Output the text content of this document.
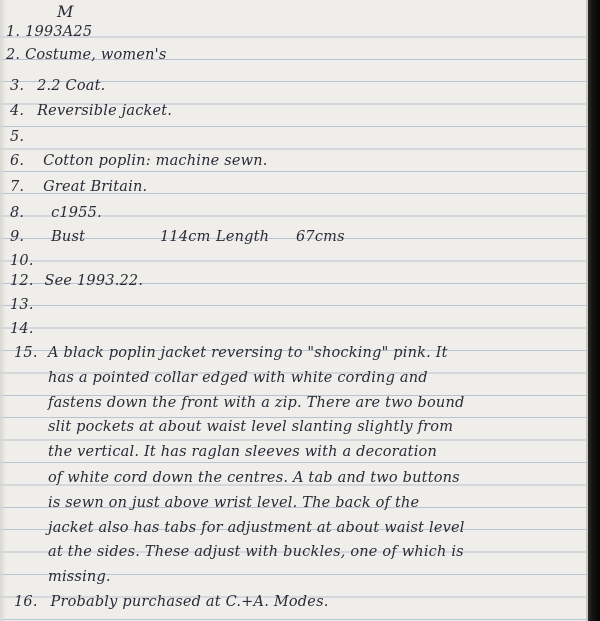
M
1. 1993A25
2. Costume, women's
3. 2.2 Coat.
4. Reversible jacket.
5.
6. Cotton poplin: machine sewn.
7. Great Britain.
8. c1955.
9. Bust	114cm Length 67cms
10.
12. See 1993.22.
13.
14.
15. A black poplin jacket reversing to "shocking" pink. It
has a pointed collar edged with white cording and
fastens down the front with a zip. There are two bound
slit pockets at about waist level slanting slightly from
the vertical. It has raglan sleeves with a decoration
of white cord down the centres. A tab and two buttons
is sewn on just above wrist level. The back of the
jacket also has tabs for adjustment at about waist level
at the sides. These adjust with buckles, one of which is
missing.
16. Probably purchased at C.+A. Modes.
